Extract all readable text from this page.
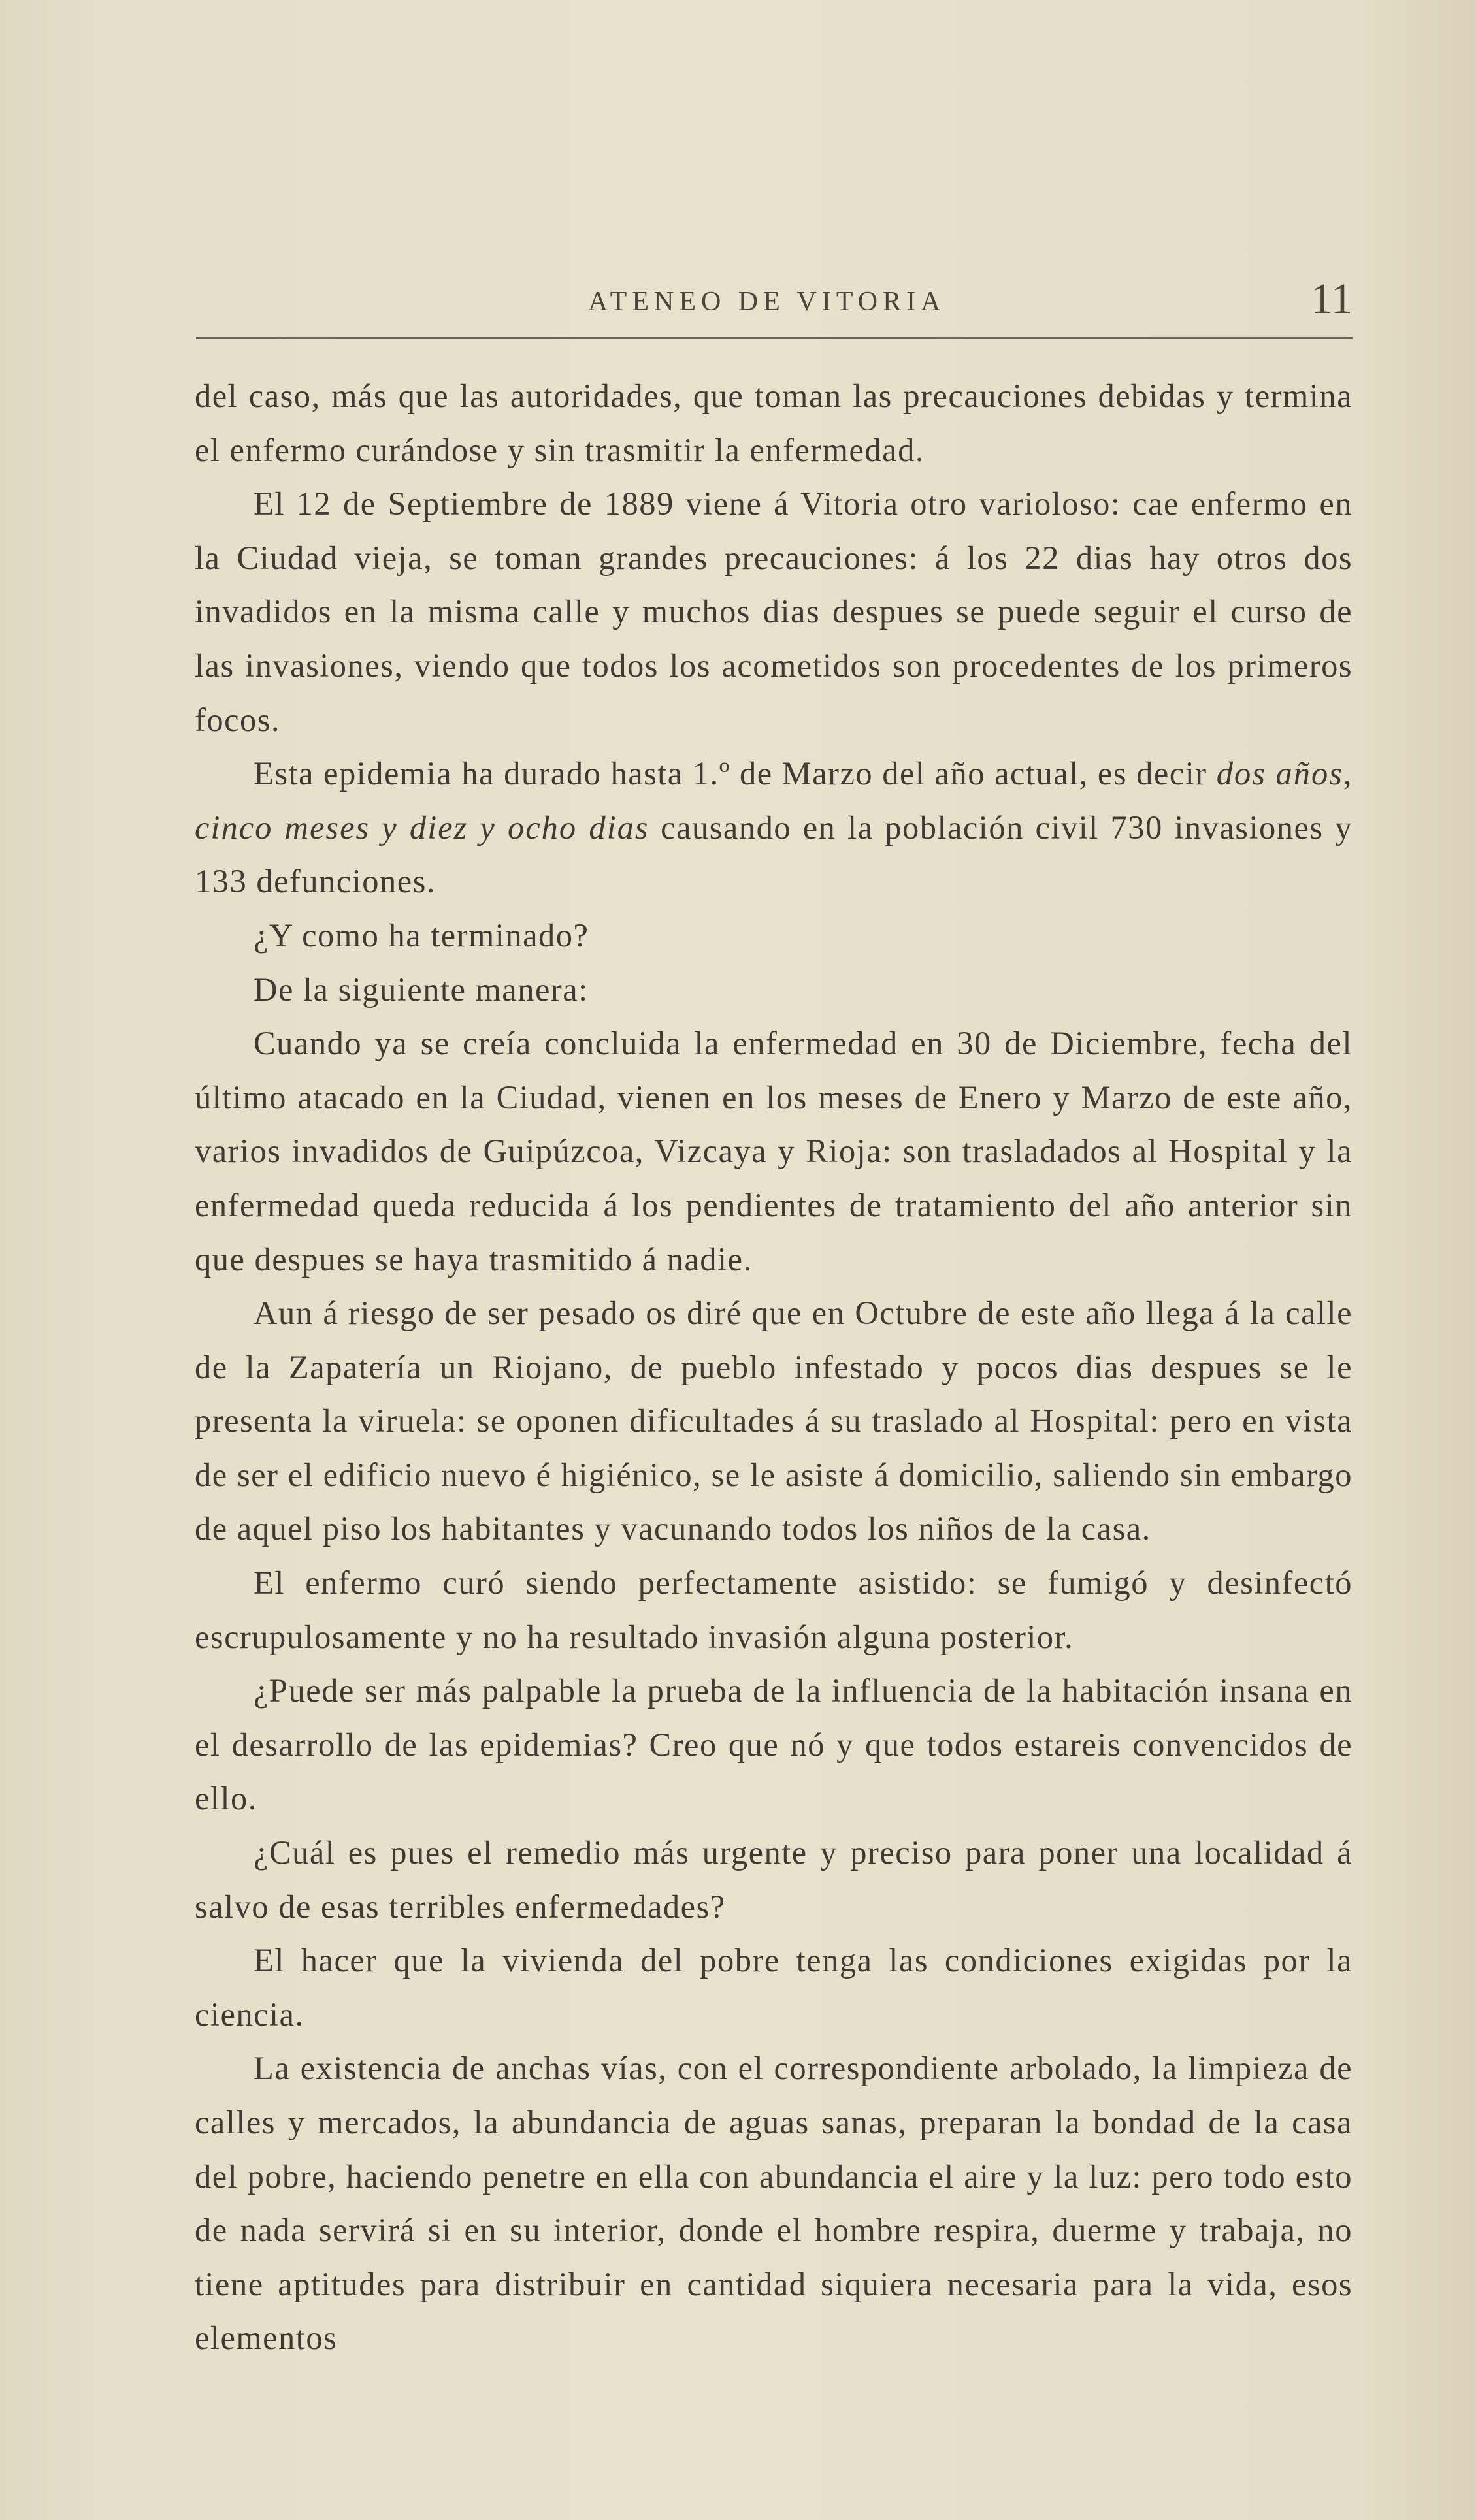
ATENEO DE VITORIA	11

del caso, más que las autoridades, que toman las precauciones debidas y termina el enfermo curándose y sin trasmitir la enfermedad.

El 12 de Septiembre de 1889 viene á Vitoria otro varioloso: cae enfermo en la Ciudad vieja, se toman grandes precauciones: á los 22 dias hay otros dos invadidos en la misma calle y muchos dias despues se puede seguir el curso de las invasiones, viendo que todos los acometidos son procedentes de los primeros focos.

Esta epidemia ha durado hasta 1.º de Marzo del año actual, es decir dos años, cinco meses y diez y ocho dias causando en la población civil 730 invasiones y 133 defunciones.

¿Y como ha terminado?

De la siguiente manera:

Cuando ya se creía concluida la enfermedad en 30 de Diciembre, fecha del último atacado en la Ciudad, vienen en los meses de Enero y Marzo de este año, varios invadidos de Guipúzcoa, Vizcaya y Rioja: son trasladados al Hospital y la enfermedad queda reducida á los pendientes de tratamiento del año anterior sin que despues se haya trasmitido á nadie.

Aun á riesgo de ser pesado os diré que en Octubre de este año llega á la calle de la Zapatería un Riojano, de pueblo infestado y pocos dias despues se le presenta la viruela: se oponen dificultades á su traslado al Hospital: pero en vista de ser el edificio nuevo é higiénico, se le asiste á domicilio, saliendo sin embargo de aquel piso los habitantes y vacunando todos los niños de la casa.

El enfermo curó siendo perfectamente asistido: se fumigó y desinfectó escrupulosamente y no ha resultado invasión alguna posterior.

¿Puede ser más palpable la prueba de la influencia de la habitación insana en el desarrollo de las epidemias? Creo que nó y que todos estareis convencidos de ello.

¿Cuál es pues el remedio más urgente y preciso para poner una localidad á salvo de esas terribles enfermedades?

El hacer que la vivienda del pobre tenga las condiciones exigidas por la ciencia.

La existencia de anchas vías, con el correspondiente arbolado, la limpieza de calles y mercados, la abundancia de aguas sanas, preparan la bondad de la casa del pobre, haciendo penetre en ella con abundancia el aire y la luz: pero todo esto de nada servirá si en su interior, donde el hombre respira, duerme y trabaja, no tiene aptitudes para distribuir en cantidad siquiera necesaria para la vida, esos elementos
